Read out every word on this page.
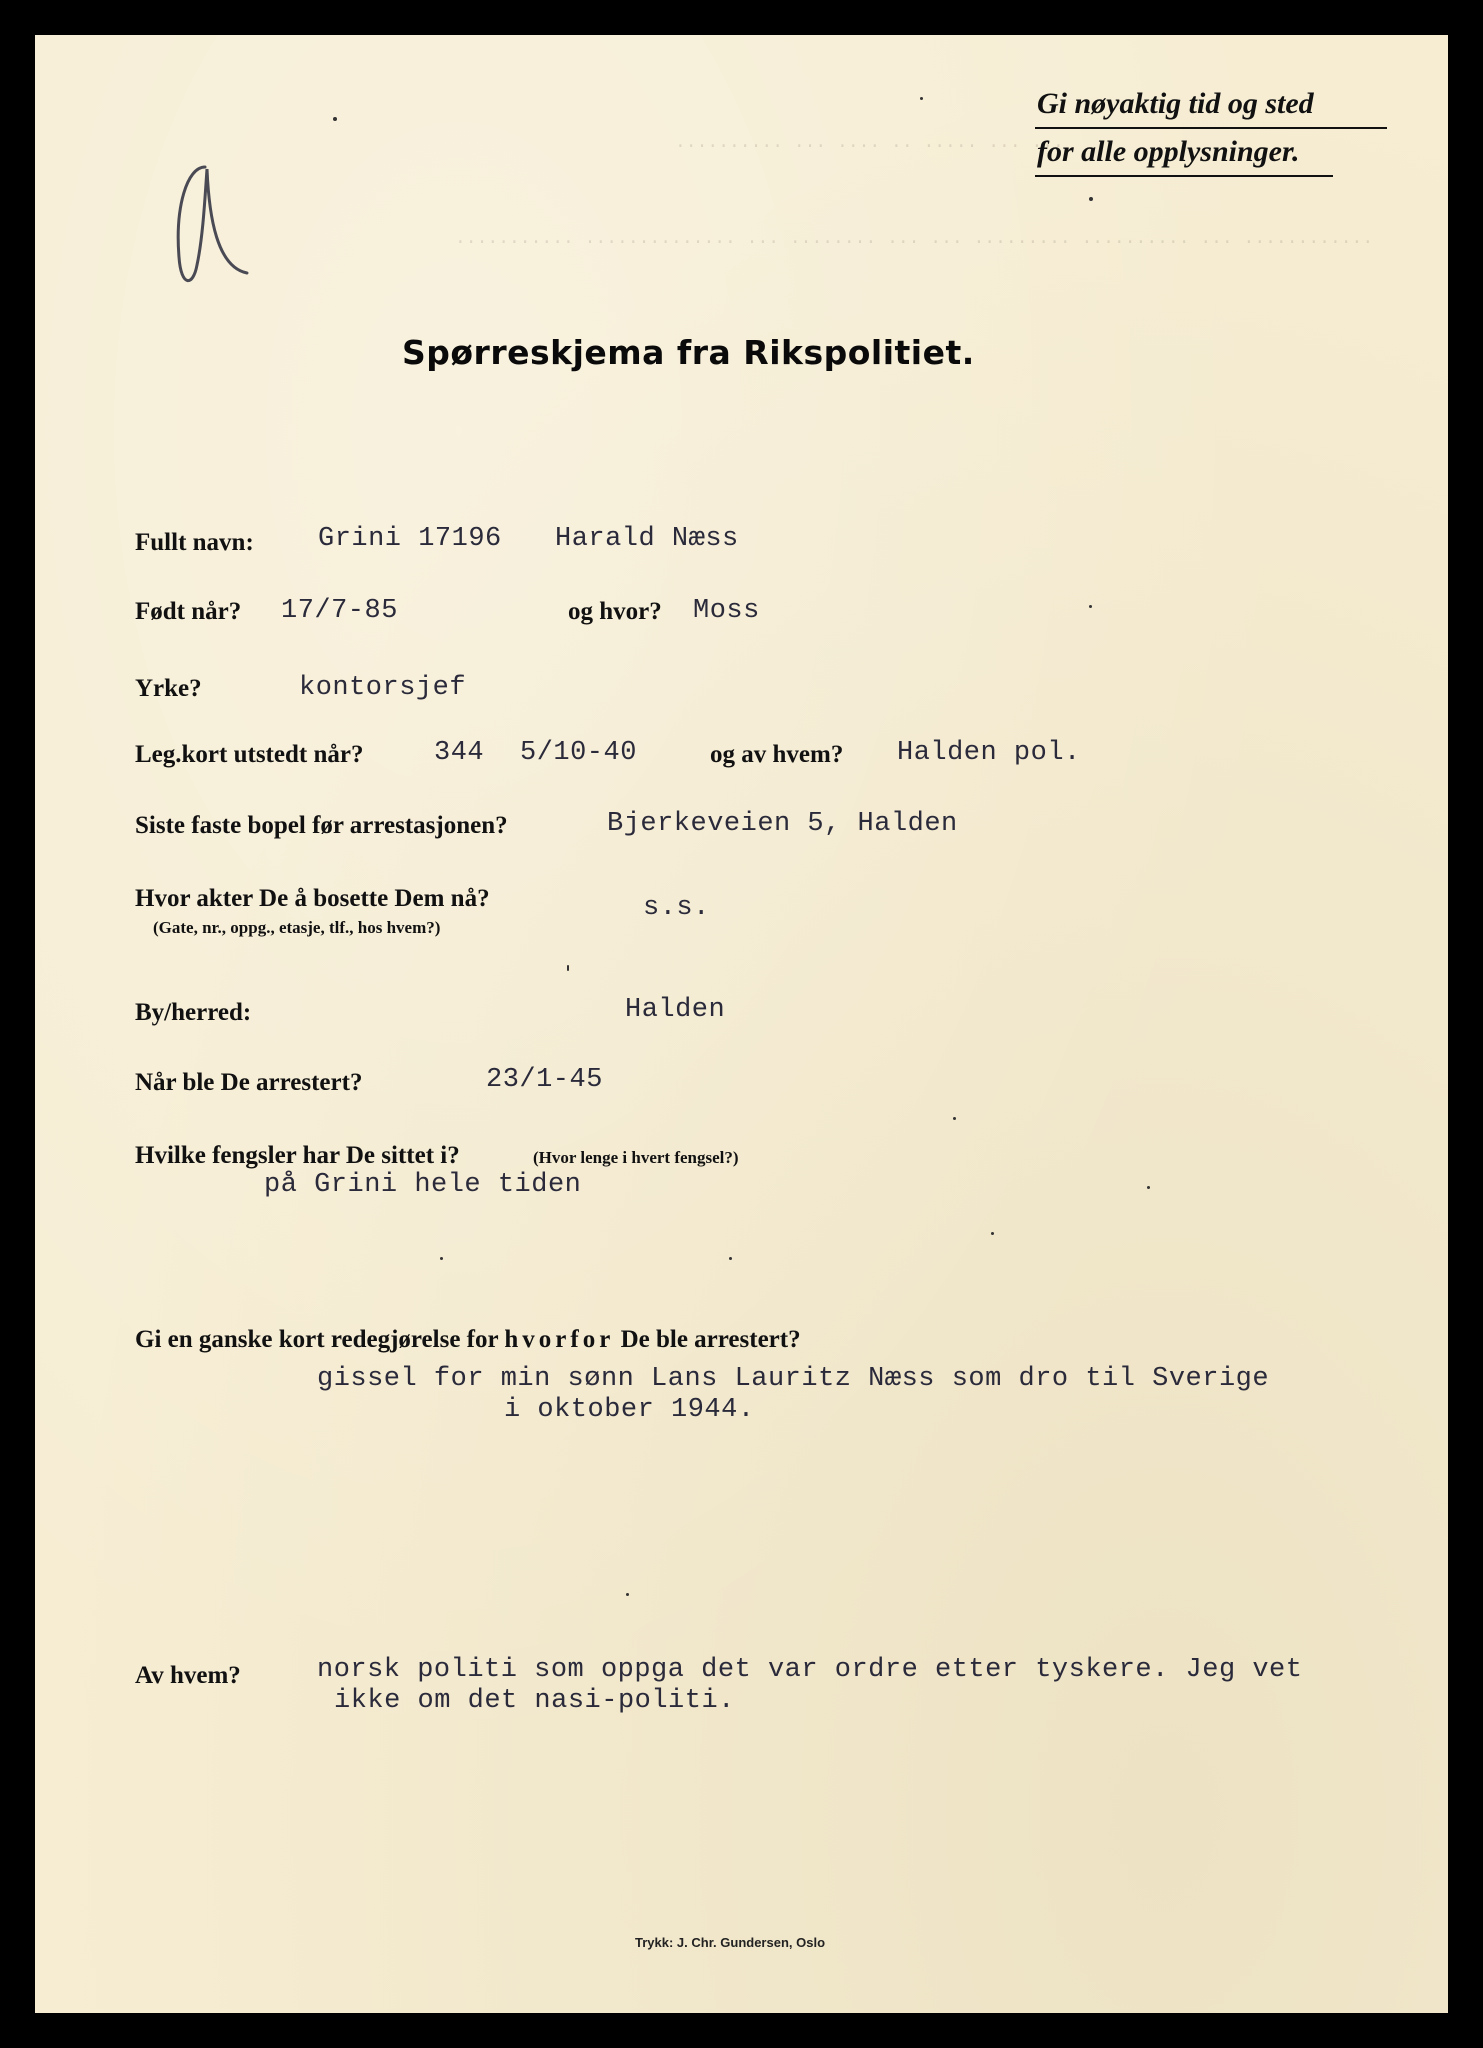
·········· ··· ···· ·· ····· ··· ···
··········· ·············· ··· ········ ··· ··· ········· ·········· ··· ············
Gi nøyaktig tid og sted
for alle opplysninger.
Spørreskjema fra Rikspolitiet.
Fullt navn: Grini 17196 Harald Næss
Født når? 17/7-85	og hvor? Moss
Yrke?	kontorsjef
Leg.kort utstedt når?	344 5/10-40	og av hvem? Halden pol.
Siste faste bopel før arrestasjonen?	Bjerkeveien 5, Halden
Hvor akter De å bosette Dem nå?
(Gate, nr., oppg., etasje, tlf., hos hvem?)
s.s.
By/herred:	Halden
Når ble De arrestert?	23/1-45
Hvilke fengsler har De sittet i?	(Hvor lenge i hvert fengsel?)
på Grini hele tiden
Gi en ganske kort redegjørelse for hvorfor De ble arrestert?
gissel for min sønn Lans Lauritz Næss som dro til Sverige
i oktober 1944.
Av hvem?	norsk politi som oppga det var ordre etter tyskere. Jeg vet
ikke om det nasi-politi.
Trykk: J. Chr. Gundersen, Oslo
